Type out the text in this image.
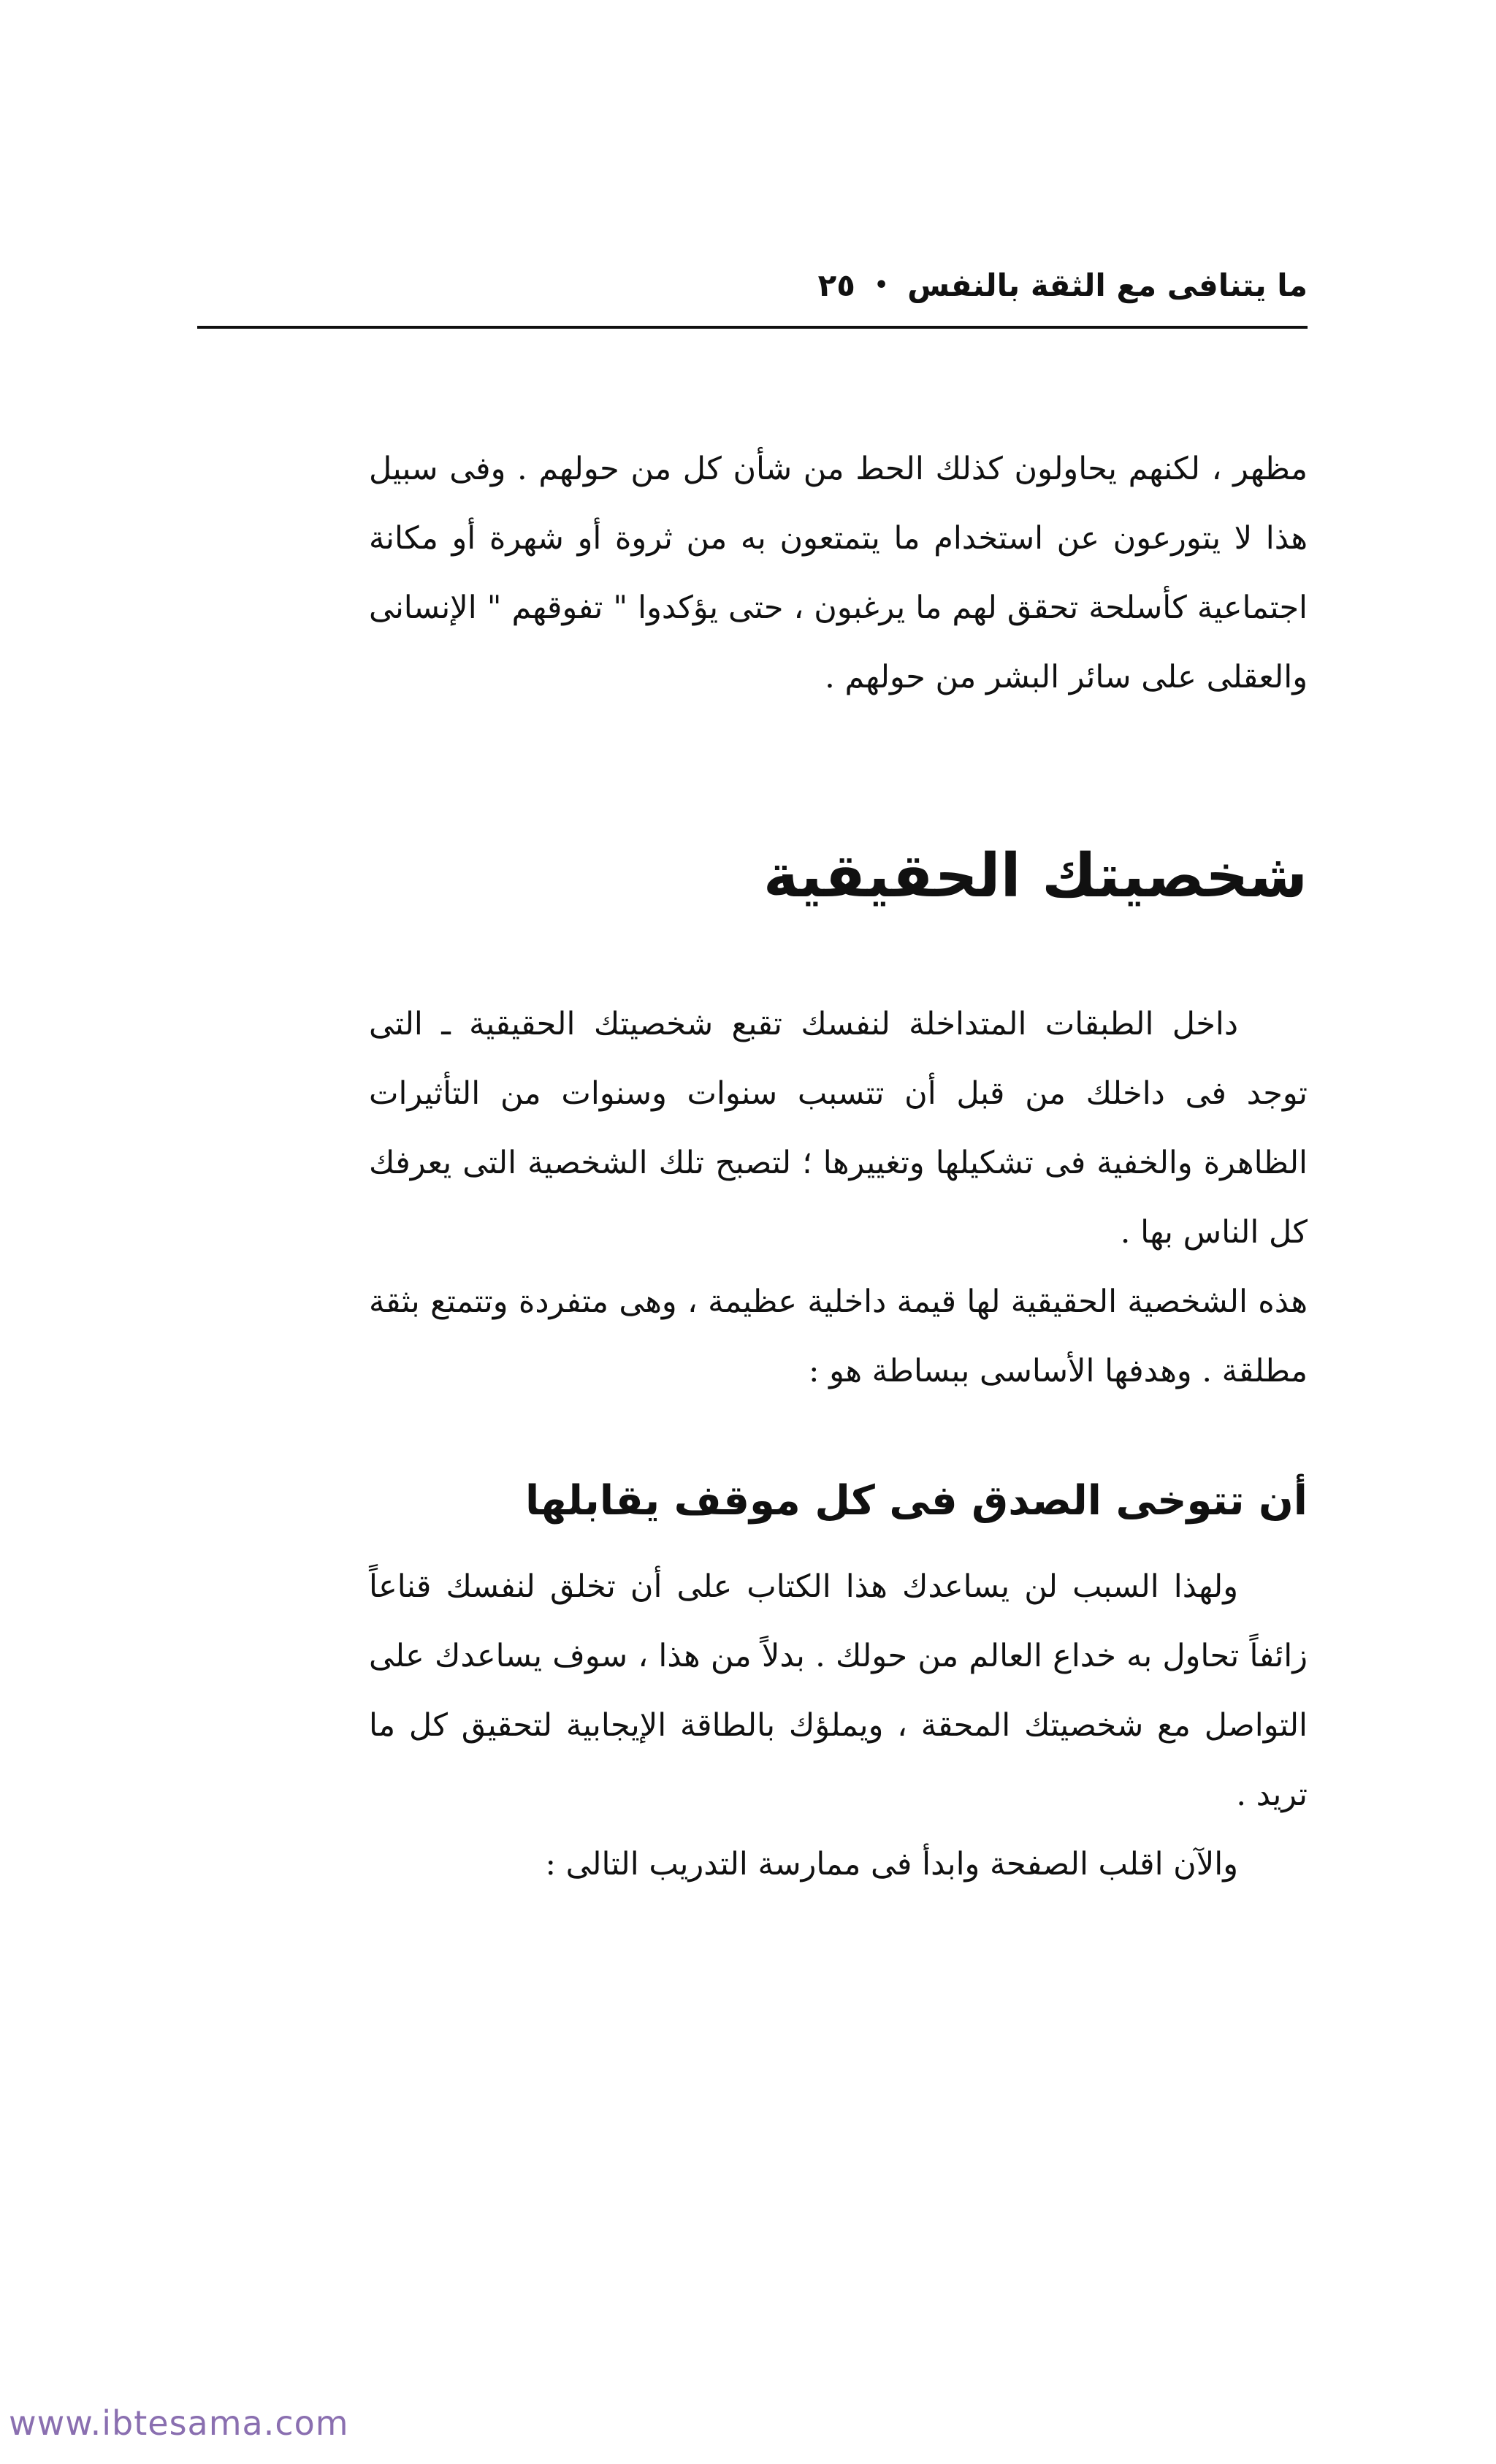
ما يتنافى مع الثقة بالنفس
•
٢٥

مظهر ، لكنهم يحاولون كذلك الحط من شأن كل من حولهم . وفى سبيل هذا لا يتورعون عن استخدام ما يتمتعون به من ثروة أو شهرة أو مكانة اجتماعية كأسلحة تحقق لهم ما يرغبون ، حتى يؤكدوا " تفوقهم " الإنسانى والعقلى على سائر البشر من حولهم .

شخصيتك الحقيقية

داخل الطبقات المتداخلة لنفسك تقبع شخصيتك الحقيقية ـ التى توجد فى داخلك من قبل أن تتسبب سنوات وسنوات من التأثيرات الظاهرة والخفية فى تشكيلها وتغييرها ؛ لتصبح تلك الشخصية التى يعرفك كل الناس بها .

هذه الشخصية الحقيقية لها قيمة داخلية عظيمة ، وهى متفردة وتتمتع بثقة مطلقة . وهدفها الأساسى ببساطة هو :

أن تتوخى الصدق فى كل موقف يقابلها

ولهذا السبب لن يساعدك هذا الكتاب على أن تخلق لنفسك قناعاً زائفاً تحاول به خداع العالم من حولك . بدلاً من هذا ، سوف يساعدك على التواصل مع شخصيتك المحقة ، ويملؤك بالطاقة الإيجابية لتحقيق كل ما تريد .

والآن اقلب الصفحة وابدأ فى ممارسة التدريب التالى :

www.ibtesama.com
